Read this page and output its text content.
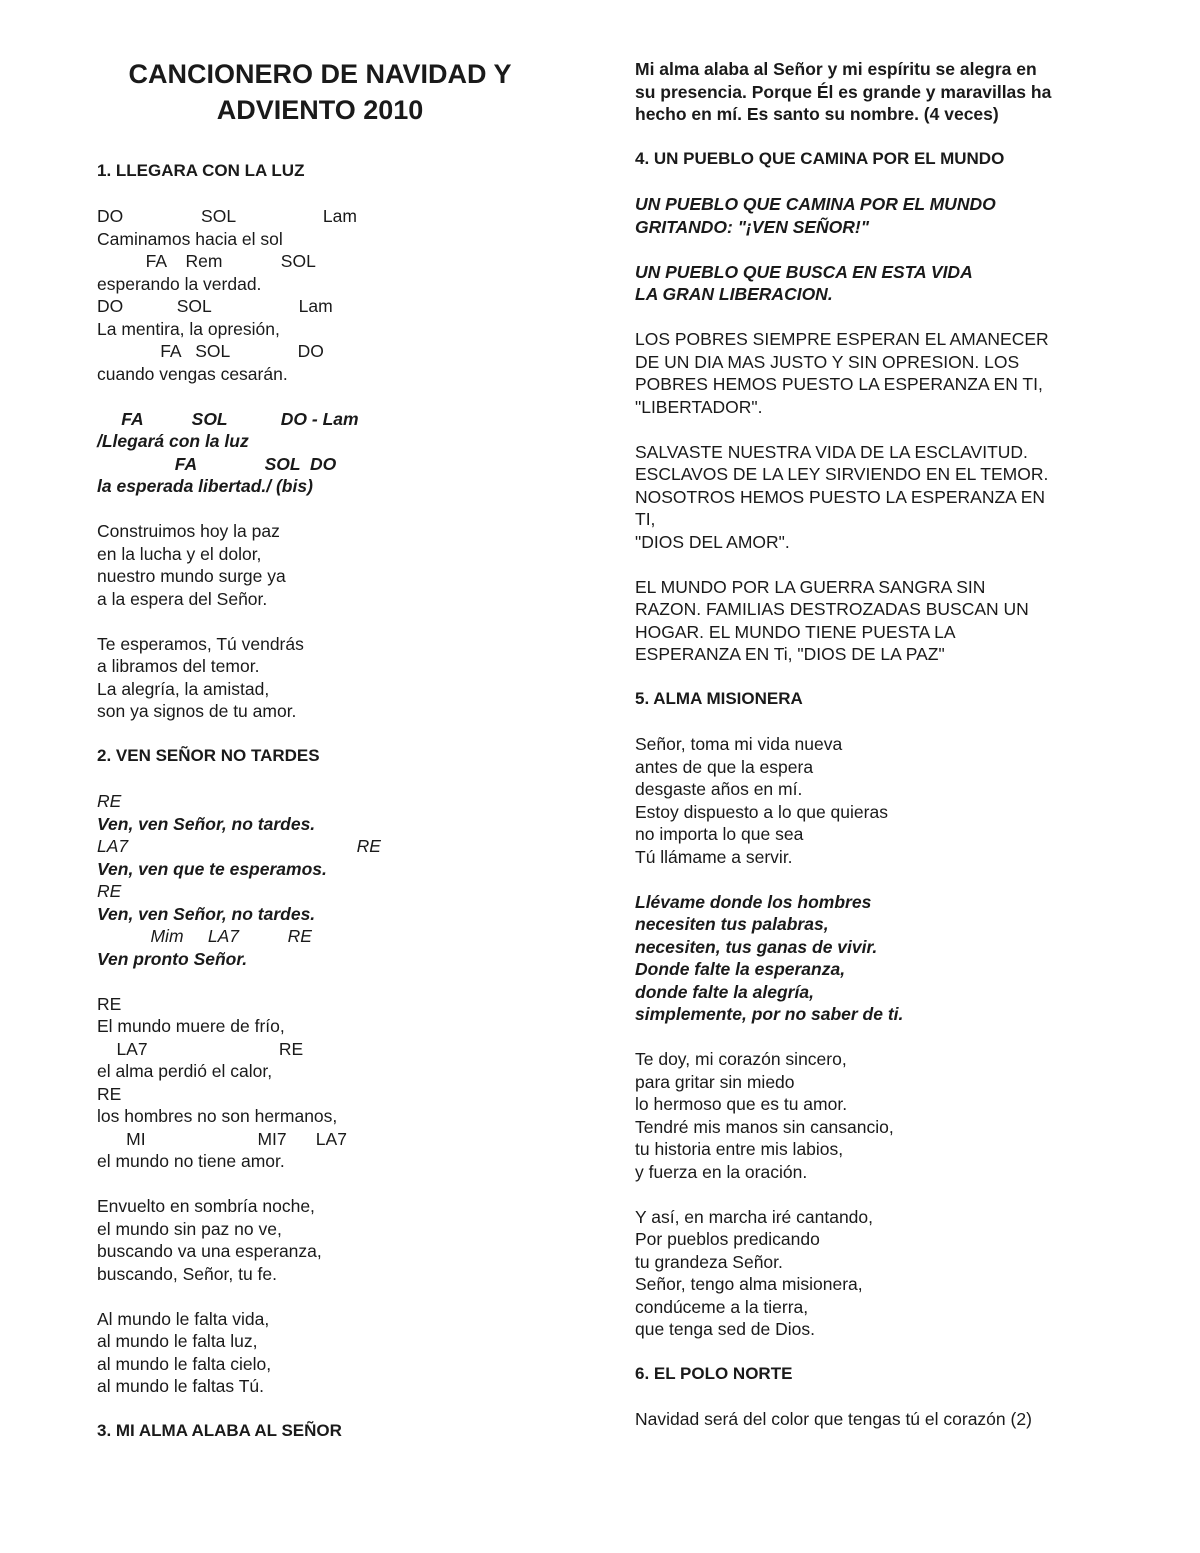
CANCIONERO DE NAVIDAD Y
ADVIENTO 2010
1. LLEGARA CON LA LUZ
DO                SOL                  Lam
Caminamos hacia el sol
FA    Rem            SOL
esperando la verdad.
DO           SOL                  Lam
La mentira, la opresión,
FA   SOL              DO
cuando vengas cesarán.
FA          SOL           DO - Lam
/Llegará con la luz
FA              SOL  DO
la esperada libertad./ (bis)
Construimos hoy la paz
en la lucha y el dolor,
nuestro mundo surge ya
a la espera del Señor.
Te esperamos, Tú vendrás
a libramos del temor.
La alegría, la amistad,
son ya signos de tu amor.
2. VEN SEÑOR NO TARDES
RE
Ven, ven Señor, no tardes.
LA7                                               RE
Ven, ven que te esperamos.
RE
Ven, ven Señor, no tardes.
Mim     LA7          RE
Ven pronto Señor.
RE
El mundo muere de frío,
LA7                           RE
el alma perdió el calor,
RE
los hombres no son hermanos,
MI                       MI7      LA7
el mundo no tiene amor.
Envuelto en sombría noche,
el mundo sin paz no ve,
buscando va una esperanza,
buscando, Señor, tu fe.
Al mundo le falta vida,
al mundo le falta luz,
al mundo le falta cielo,
al mundo le faltas Tú.
3. MI ALMA ALABA AL SEÑOR
Mi alma alaba al Señor y mi espíritu se alegra en
su presencia. Porque Él es grande y maravillas ha
hecho en mí. Es santo su nombre. (4 veces)
4. UN PUEBLO QUE CAMINA POR EL MUNDO
UN PUEBLO QUE CAMINA POR EL MUNDO
GRITANDO: "¡VEN SEÑOR!"
UN PUEBLO QUE BUSCA EN ESTA VIDA
LA GRAN LIBERACION.
LOS POBRES SIEMPRE ESPERAN EL AMANECER
DE UN DIA MAS JUSTO Y SIN OPRESION. LOS
POBRES HEMOS PUESTO LA ESPERANZA EN TI,
"LIBERTADOR".
SALVASTE NUESTRA VIDA DE LA ESCLAVITUD.
ESCLAVOS DE LA LEY SIRVIENDO EN EL TEMOR.
NOSOTROS HEMOS PUESTO LA ESPERANZA EN
TI,
"DIOS DEL AMOR".
EL MUNDO POR LA GUERRA SANGRA SIN
RAZON. FAMILIAS DESTROZADAS BUSCAN UN
HOGAR. EL MUNDO TIENE PUESTA LA
ESPERANZA EN Ti, "DIOS DE LA PAZ"
5. ALMA MISIONERA
Señor, toma mi vida nueva
antes de que la espera
desgaste años en mí.
Estoy dispuesto a lo que quieras
no importa lo que sea
Tú llámame a servir.
Llévame donde los hombres
necesiten tus palabras,
necesiten, tus ganas de vivir.
Donde falte la esperanza,
donde falte la alegría,
simplemente, por no saber de ti.
Te doy, mi corazón sincero,
para gritar sin miedo
lo hermoso que es tu amor.
Tendré mis manos sin cansancio,
tu historia entre mis labios,
y fuerza en la oración.
Y así, en marcha iré cantando,
Por pueblos predicando
tu grandeza Señor.
Señor, tengo alma misionera,
condúceme a la tierra,
que tenga sed de Dios.
6. EL POLO NORTE
Navidad será del color que tengas tú el corazón (2)
